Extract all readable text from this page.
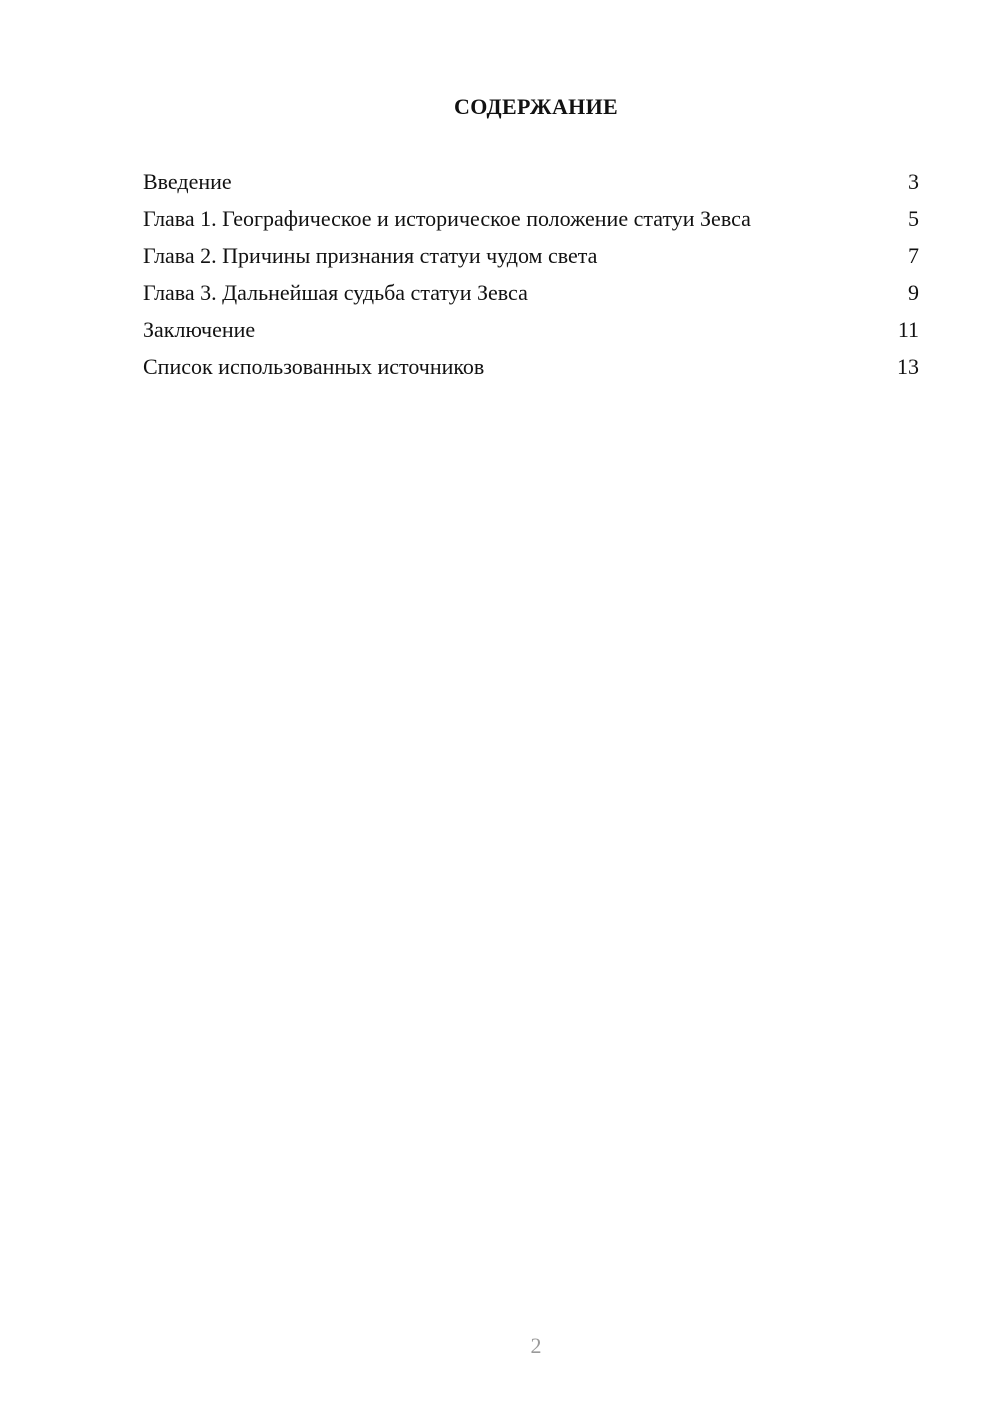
СОДЕРЖАНИЕ
Введение	3
Глава 1. Географическое и историческое положение статуи Зевса	5
Глава 2. Причины признания статуи чудом света	7
Глава 3. Дальнейшая судьба статуи Зевса	9
Заключение	11
Список использованных источников	13
2
